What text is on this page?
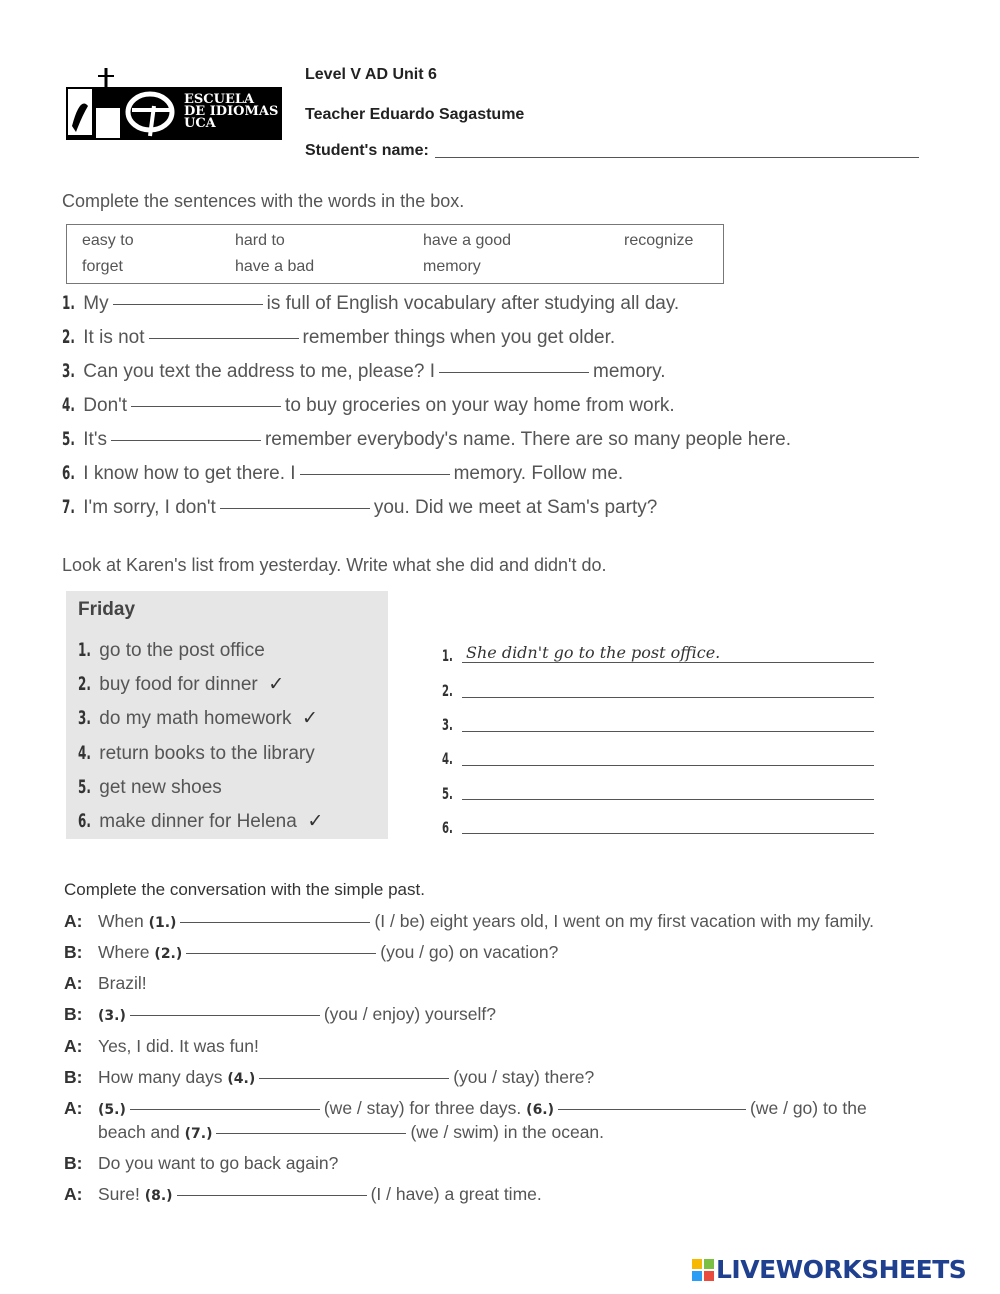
ESCUELA
DE IDIOMAS
UCA
Level V AD Unit 6
Teacher Eduardo Sagastume
Student's name:
Complete the sentences with the words in the box.
easy to	hard to	have a good	recognize
forget	have a bad	memory
1. My	is full of English vocabulary after studying all day.
2. It is not	remember things when you get older.
3. Can you text the address to me, please? I	memory.
4. Don't	to buy groceries on your way home from work.
5. It's	remember everybody's name. There are so many people here.
6. I know how to get there. I	memory. Follow me.
7. I'm sorry, I don't	you. Did we meet at Sam's party?
Look at Karen's list from yesterday. Write what she did and didn't do.
Friday
1. go to the post office
2. buy food for dinner ✓
3. do my math homework ✓
4. return books to the library
5. get new shoes
6. make dinner for Helena ✓
1. She didn't go to the post office.
2.
3.
4.
5.
6.
Complete the conversation with the simple past.
A: When (1.)	(I / be) eight years old, I went on my first vacation with my family.
B: Where (2.)	(you / go) on vacation?
A: Brazil!
B: (3.)	(you / enjoy) yourself?
A: Yes, I did. It was fun!
B: How many days (4.)	(you / stay) there?
A: (5.)	(we / stay) for three days. (6.)	(we / go) to the
beach and (7.)	(we / swim) in the ocean.
B: Do you want to go back again?
A: Sure! (8.)	(I / have) a great time.
LIVEWORKSHEETS
